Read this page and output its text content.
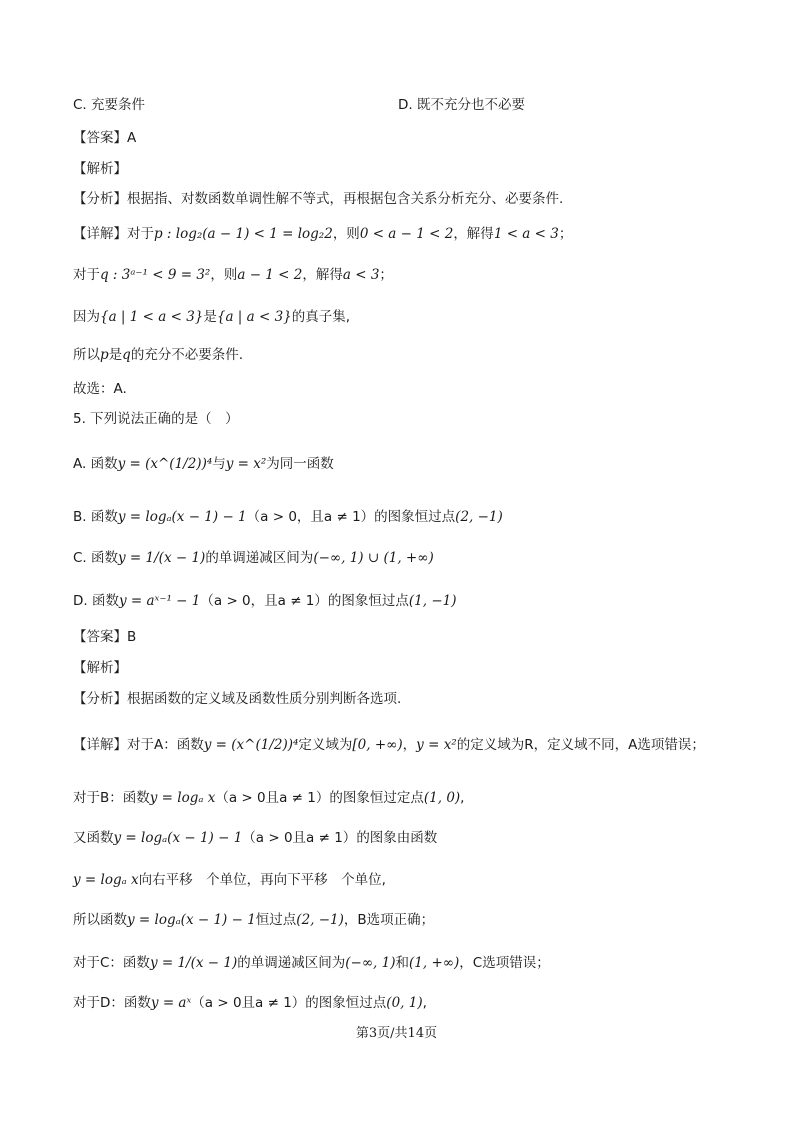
C. 充要条件	D. 既不充分也不必要
【答案】A
【解析】
【分析】根据指、对数函数单调性解不等式，再根据包含关系分析充分、必要条件.
【详解】对于p : log₂(a − 1) < 1 = log₂2，则0 < a − 1 < 2，解得1 < a < 3；
对于q : 3ᵃ⁻¹ < 9 = 3²，则a − 1 < 2，解得a < 3；
因为{a | 1 < a < 3}是{a | a < 3}的真子集,
所以p是q的充分不必要条件.
故选：A.
5. 下列说法正确的是（　）
A. 函数y = (x^(1/2))⁴与y = x²为同一函数
B. 函数y = logₐ(x − 1) − 1（a > 0，且a ≠ 1）的图象恒过点(2, −1)
C. 函数y = 1/(x − 1)的单调递减区间为(−∞, 1) ∪ (1, +∞)
D. 函数y = aˣ⁻¹ − 1（a > 0，且a ≠ 1）的图象恒过点(1, −1)
【答案】B
【解析】
【分析】根据函数的定义域及函数性质分别判断各选项.
【详解】对于A：函数y = (x^(1/2))⁴定义域为[0, +∞)，y = x²的定义域为R，定义域不同，A选项错误；
对于B：函数y = logₐ x（a > 0且a ≠ 1）的图象恒过定点(1, 0),
又函数y = logₐ(x − 1) − 1（a > 0且a ≠ 1）的图象由函数
y = logₐ x向右平移　个单位，再向下平移　个单位,
所以函数y = logₐ(x − 1) − 1恒过点(2, −1)，B选项正确；
对于C：函数y = 1/(x − 1)的单调递减区间为(−∞, 1)和(1, +∞)，C选项错误；
对于D：函数y = aˣ（a > 0且a ≠ 1）的图象恒过点(0, 1),
第3页/共14页
